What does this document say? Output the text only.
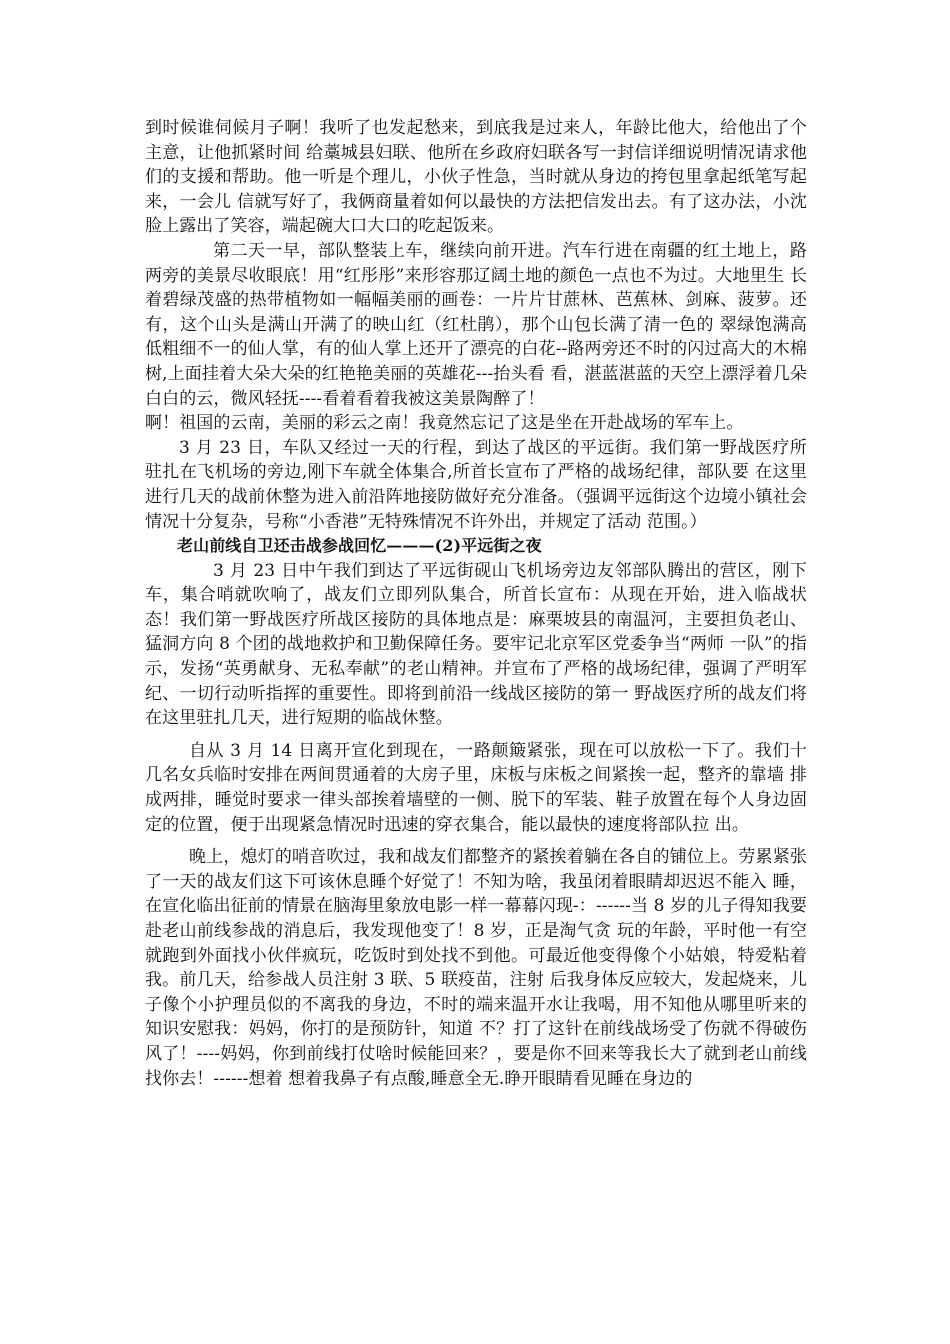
到时候谁伺候月子啊！我听了也发起愁来，到底我是过来人，年龄比他大，给他出了个主意，让他抓紧时间 给藁城县妇联、他所在乡政府妇联各写一封信详细说明情况请求他们的支援和帮助。他一听是个理儿，小伙子性急，当时就从身边的挎包里拿起纸笔写起来，一会儿 信就写好了，我俩商量着如何以最快的方法把信发出去。有了这办法，小沈脸上露出了笑容，端起碗大口大口的吃起饭来。

第二天一早，部队整装上车，继续向前开进。汽车行进在南疆的红土地上，路两旁的美景尽收眼底！用“红彤彤”来形容那辽阔土地的颜色一点也不为过。大地里生 长着碧绿茂盛的热带植物如一幅幅美丽的画卷：一片片甘蔗林、芭蕉林、剑麻、菠萝。还有，这个山头是满山开满了的映山红（红杜鹃），那个山包长满了清一色的 翠绿饱满高低粗细不一的仙人掌，有的仙人掌上还开了漂亮的白花--路两旁还不时的闪过高大的木棉树,上面挂着大朵大朵的红艳艳美丽的英雄花---抬头看 看，湛蓝湛蓝的天空上漂浮着几朵白白的云，微风轻抚----看着看着我被这美景陶醉了！

啊！祖国的云南，美丽的彩云之南！我竟然忘记了这是坐在开赴战场的军车上。

3 月 23 日，车队又经过一天的行程，到达了战区的平远街。我们第一野战医疗所驻扎在飞机场的旁边,刚下车就全体集合,所首长宣布了严格的战场纪律，部队要 在这里进行几天的战前休整为进入前沿阵地接防做好充分准备。（强调平远街这个边境小镇社会情况十分复杂，号称“小香港”无特殊情况不许外出，并规定了活动 范围。）

老山前线自卫还击战参战回忆———(2)平远街之夜

3 月 23 日中午我们到达了平远街砚山飞机场旁边友邻部队腾出的营区，刚下车，集合哨就吹响了，战友们立即列队集合，所首长宣布：从现在开始，进入临战状 态！我们第一野战医疗所战区接防的具体地点是：麻栗坡县的南温河，主要担负老山、猛洞方向 8 个团的战地救护和卫勤保障任务。要牢记北京军区党委争当“两师 一队”的指示，发扬“英勇献身、无私奉献”的老山精神。并宣布了严格的战场纪律，强调了严明军纪、一切行动听指挥的重要性。即将到前沿一线战区接防的第一 野战医疗所的战友们将在这里驻扎几天，进行短期的临战休整。

自从 3 月 14 日离开宣化到现在，一路颠簸紧张，现在可以放松一下了。我们十几名女兵临时安排在两间贯通着的大房子里，床板与床板之间紧挨一起，整齐的靠墙 排成两排，睡觉时要求一律头部挨着墙壁的一侧、脱下的军装、鞋子放置在每个人身边固定的位置，便于出现紧急情况时迅速的穿衣集合，能以最快的速度将部队拉 出。

晚上，熄灯的哨音吹过，我和战友们都整齐的紧挨着躺在各自的铺位上。劳累紧张了一天的战友们这下可该休息睡个好觉了！不知为啥，我虽闭着眼睛却迟迟不能入 睡，在宣化临出征前的情景在脑海里象放电影一样一幕幕闪现-：------当 8 岁的儿子得知我要赴老山前线参战的消息后，我发现他变了！8 岁，正是淘气贪 玩的年龄，平时他一有空就跑到外面找小伙伴疯玩，吃饭时到处找不到他。可最近他变得像个小姑娘，特爱粘着我。前几天，给参战人员注射 3 联、5 联疫苗，注射 后我身体反应较大，发起烧来，儿子像个小护理员似的不离我的身边，不时的端来温开水让我喝，用不知他从哪里听来的知识安慰我：妈妈，你打的是预防针，知道 不？打了这针在前线战场受了伤就不得破伤风了！----妈妈，你到前线打仗啥时候能回来？，要是你不回来等我长大了就到老山前线找你去！------想着 想着我鼻子有点酸,睡意全无.睁开眼睛看见睡在身边的
